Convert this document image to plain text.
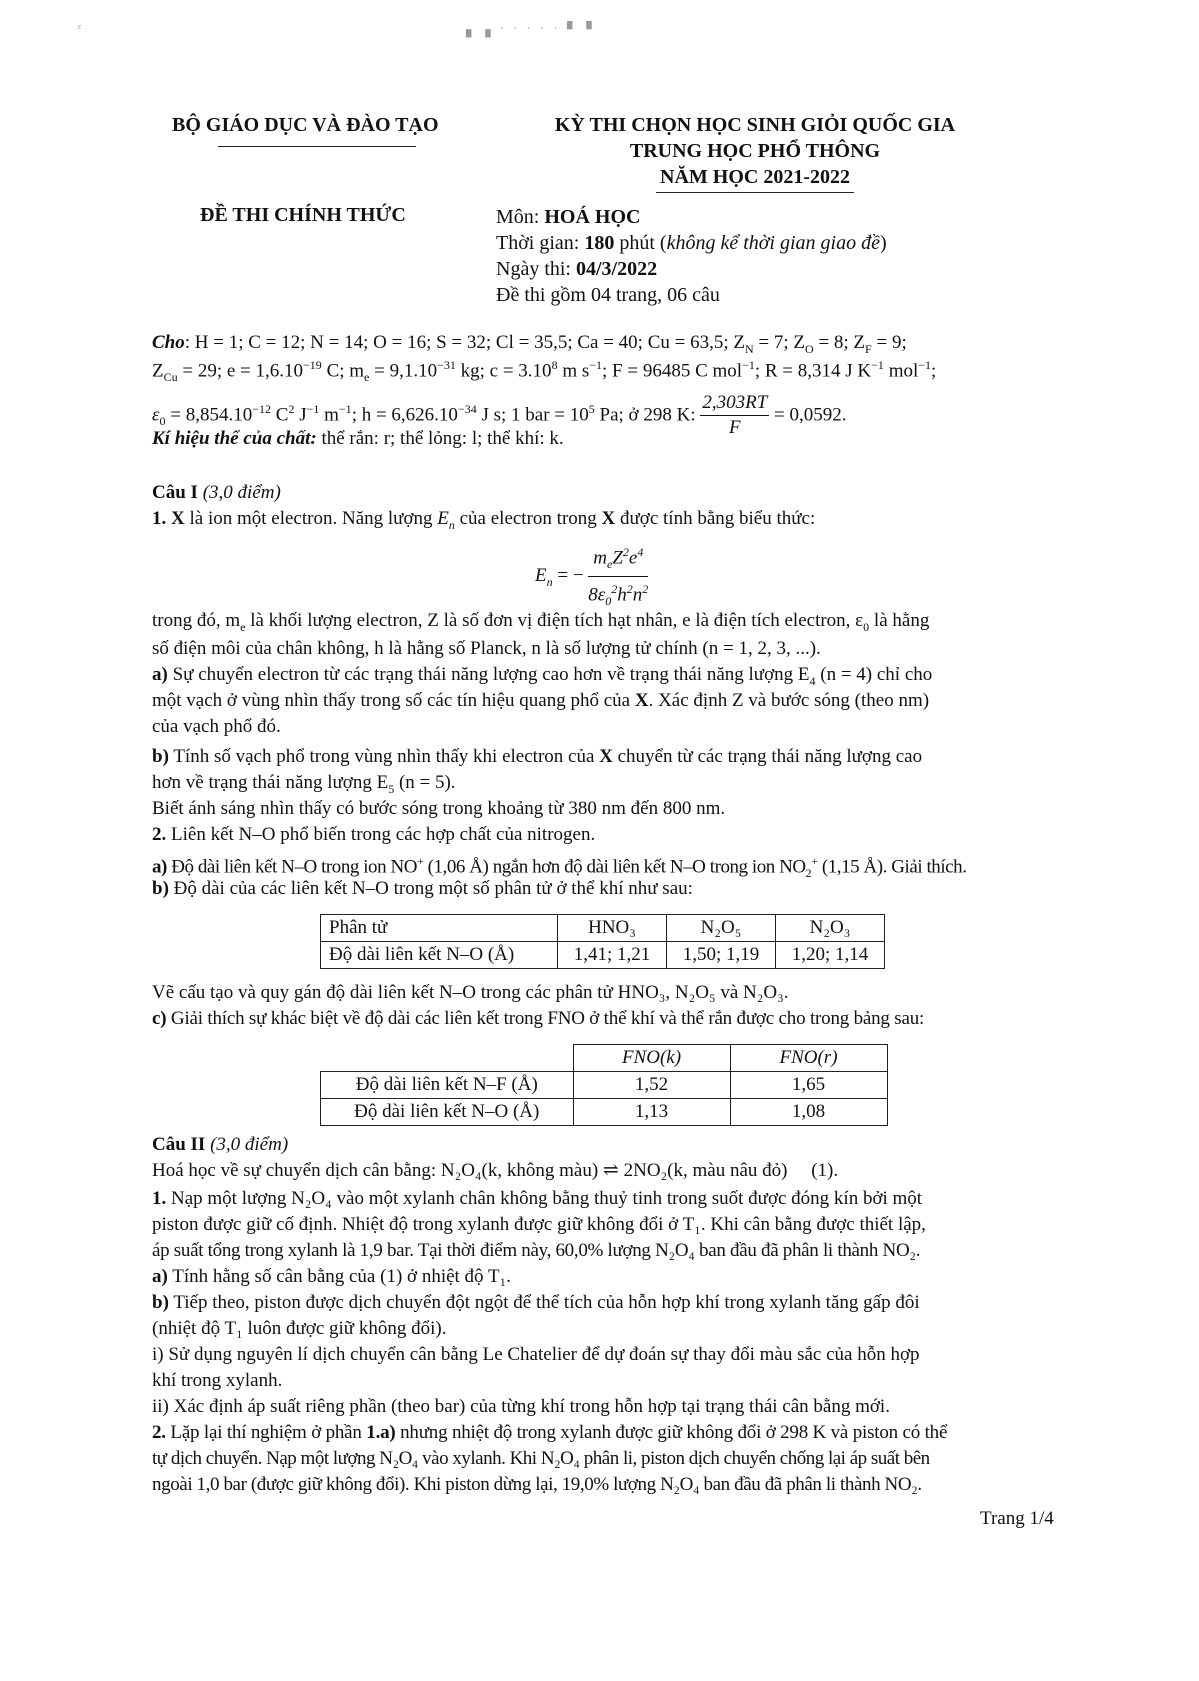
ᵋ	▖▗ ˑ ˑ ˑ ˑ ˑ ▘▝
BỘ GIÁO DỤC VÀ ĐÀO TẠO	KỲ THI CHỌN HỌC SINH GIỎI QUỐC GIA
TRUNG HỌC PHỔ THÔNG
NĂM HỌC 2021-2022
ĐỀ THI CHÍNH THỨC	Môn: HOÁ HỌC
Thời gian: 180 phút (không kể thời gian giao đề)
Ngày thi: 04/3/2022
Đề thi gồm 04 trang, 06 câu
Cho: H = 1; C = 12; N = 14; O = 16; S = 32; Cl = 35,5; Ca = 40; Cu = 63,5; $Z_N = 7$; $Z_O = 8$; $Z_F = 9$;
$Z_{Cu} = 29$; $e = 1,6.10^{-19}$ C; $m_e = 9,1.10^{-31}$ kg; $c = 3.10^8$ m $s^{-1}$; F = 96485 C mol$^{-1}$; R = 8,314 J $K^{-1}$ mol$^{-1}$;
$\varepsilon_0 = 8,854.10^{-12}$ $C^2$ $J^{-1}$ $m^{-1}$; $h = 6,626.10^{-34}$ J s; 1 bar = $10^5$ Pa; ở 298 K: $\frac{2,303RT}{F} = 0,0592$.
Kí hiệu thể của chất: thể rắn: r; thể lỏng: l; thể khí: k.
Câu I (3,0 điểm)
1. X là ion một electron. Năng lượng $E_n$ của electron trong X được tính bằng biểu thức:
$E_n$ = − $\frac{m_eZ^2e^4}{8\varepsilon_0^2h^2n^2}$
trong đó, $m_e$ là khối lượng electron, Z là số đơn vị điện tích hạt nhân, e là điện tích electron, $\varepsilon_0$ là hằng
số điện môi của chân không, h là hằng số Planck, n là số lượng tử chính (n = 1, 2, 3, ...).
a) Sự chuyển electron từ các trạng thái năng lượng cao hơn về trạng thái năng lượng $E_4$ (n = 4) chỉ cho
một vạch ở vùng nhìn thấy trong số các tín hiệu quang phổ của X. Xác định Z và bước sóng (theo nm)
của vạch phổ đó.
b) Tính số vạch phổ trong vùng nhìn thấy khi electron của X chuyển từ các trạng thái năng lượng cao
hơn về trạng thái năng lượng $E_5$ (n = 5).
Biết ánh sáng nhìn thấy có bước sóng trong khoảng từ 380 nm đến 800 nm.
2. Liên kết N–O phổ biến trong các hợp chất của nitrogen.
a) Độ dài liên kết N–O trong ion NO+ (1,06 Å) ngắn hơn độ dài liên kết N–O trong ion $NO_2^+$ (1,15 Å). Giải thích.
b) Độ dài của các liên kết N–O trong một số phân tử ở thể khí như sau:
Phân tử	HNO₃	N₂O₅	N₂O₃
Độ dài liên kết N–O (Å)	1,41; 1,21	1,50; 1,19	1,20; 1,14
Vẽ cấu tạo và quy gán độ dài liên kết N–O trong các phân tử HNO₃, N₂O₅ và N₂O₃.
c) Giải thích sự khác biệt về độ dài các liên kết trong FNO ở thể khí và thể rắn được cho trong bảng sau:
	FNO(k)	FNO(r)
Độ dài liên kết N–F (Å)	1,52	1,65
Độ dài liên kết N–O (Å)	1,13	1,08
Câu II (3,0 điểm)
Hoá học về sự chuyển dịch cân bằng: N₂O₄(k, không màu) ⇌ 2NO₂(k, màu nâu đỏ)     (1).
1. Nạp một lượng N₂O₄ vào một xylanh chân không bằng thuỷ tinh trong suốt được đóng kín bởi một
piston được giữ cố định. Nhiệt độ trong xylanh được giữ không đổi ở T₁. Khi cân bằng được thiết lập,
áp suất tổng trong xylanh là 1,9 bar. Tại thời điểm này, 60,0% lượng N₂O₄ ban đầu đã phân li thành NO₂.
a) Tính hằng số cân bằng của (1) ở nhiệt độ T₁.
b) Tiếp theo, piston được dịch chuyển đột ngột để thể tích của hỗn hợp khí trong xylanh tăng gấp đôi
(nhiệt độ T₁ luôn được giữ không đổi).
i) Sử dụng nguyên lí dịch chuyển cân bằng Le Chatelier để dự đoán sự thay đổi màu sắc của hỗn hợp
khí trong xylanh.
ii) Xác định áp suất riêng phần (theo bar) của từng khí trong hỗn hợp tại trạng thái cân bằng mới.
2. Lặp lại thí nghiệm ở phần 1.a) nhưng nhiệt độ trong xylanh được giữ không đổi ở 298 K và piston có thể
tự dịch chuyển. Nạp một lượng N₂O₄ vào xylanh. Khi N₂O₄ phân li, piston dịch chuyển chống lại áp suất bên
ngoài 1,0 bar (được giữ không đổi). Khi piston dừng lại, 19,0% lượng N₂O₄ ban đầu đã phân li thành NO₂.
Trang 1/4
